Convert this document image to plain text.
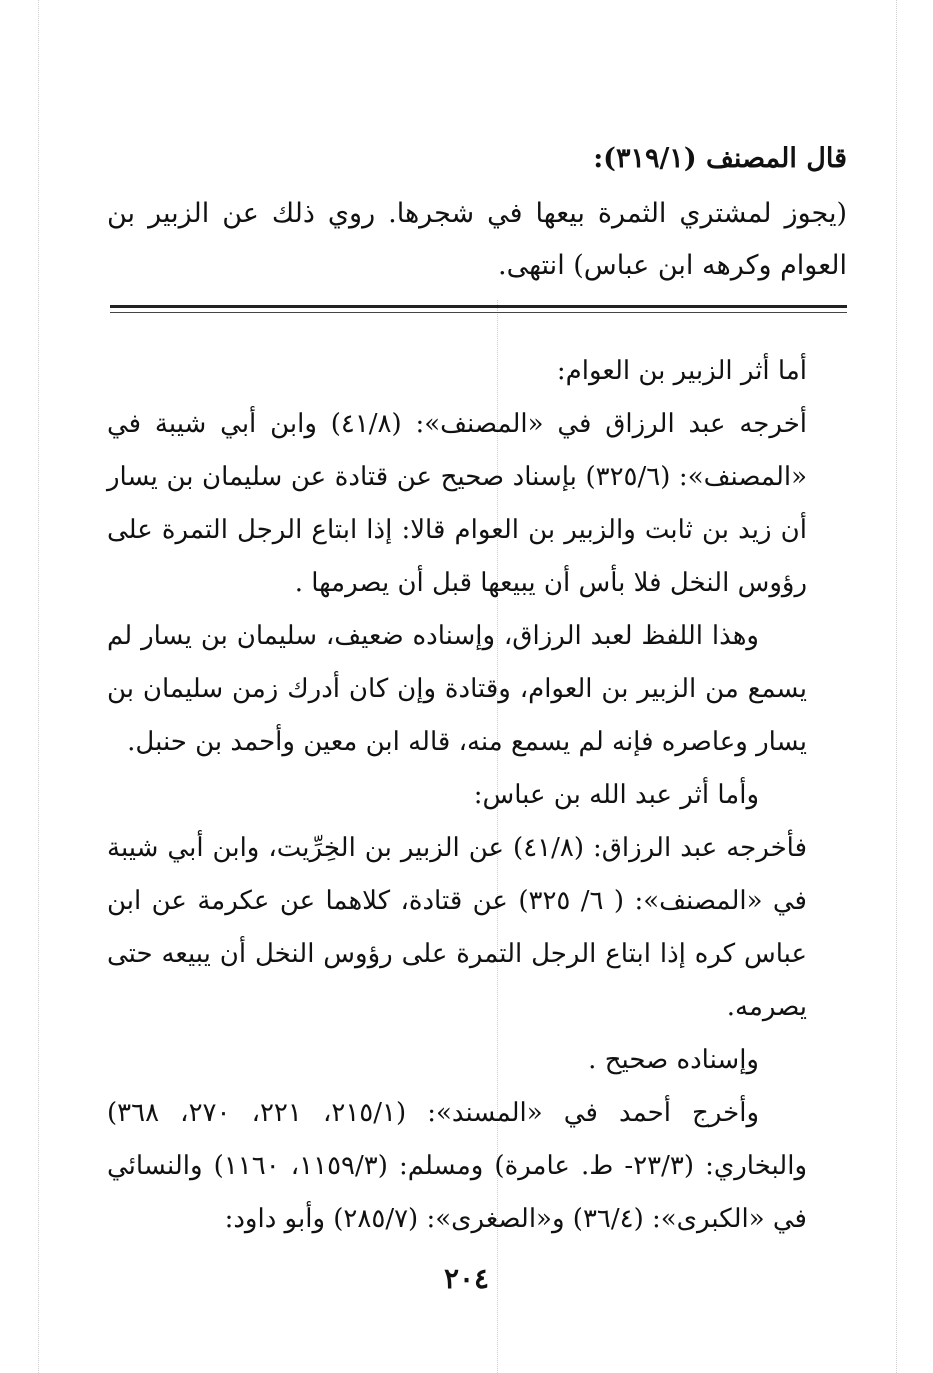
قال المصنف (٣١٩/١):
(يجوز لمشتري الثمرة بيعها في شجرها. روي ذلك عن الزبير بن العوام وكرهه ابن عباس) انتهى.

أما أثر الزبير بن العوام:

أخرجه عبد الرزاق في «المصنف»: (٤١/٨) وابن أبي شيبة في «المصنف»: (٣٢٥/٦) بإسناد صحيح عن قتادة عن سليمان بن يسار أن زيد بن ثابت والزبير بن العوام قالا: إذا ابتاع الرجل التمرة على رؤوس النخل فلا بأس أن يبيعها قبل أن يصرمها .

وهذا اللفظ لعبد الرزاق، وإسناده ضعيف، سليمان بن يسار لم يسمع من الزبير بن العوام، وقتادة وإن كان أدرك زمن سليمان بن يسار وعاصره فإنه لم يسمع منه، قاله ابن معين وأحمد بن حنبل.

وأما أثر عبد الله بن عباس:

فأخرجه عبد الرزاق: (٤١/٨) عن الزبير بن الخِرِّيت، وابن أبي شيبة في «المصنف»: ( ٦/ ٣٢٥) عن قتادة، كلاهما عن عكرمة عن ابن عباس كره إذا ابتاع الرجل التمرة على رؤوس النخل أن يبيعه حتى يصرمه.

وإسناده صحيح .

وأخرج أحمد في «المسند»: (٢١٥/١، ٢٢١، ٢٧٠، ٣٦٨) والبخاري: (٢٣/٣- ط. عامرة) ومسلم: (١١٥٩/٣، ١١٦٠) والنسائي في «الكبرى»: (٣٦/٤) و«الصغرى»: (٢٨٥/٧) وأبو داود:

٢٠٤
